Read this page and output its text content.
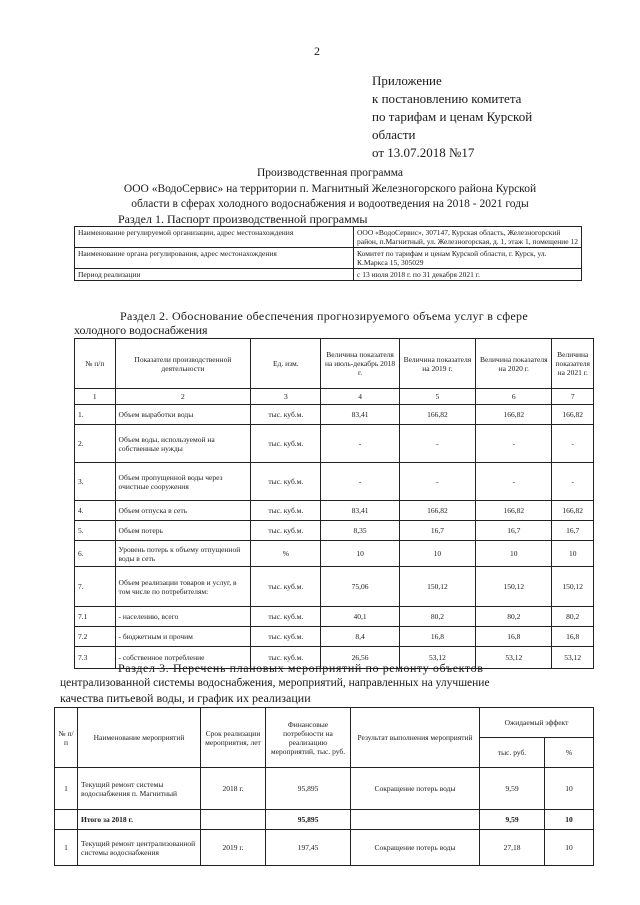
2
Приложение
к постановлению комитета
по тарифам и ценам Курской
области
от 13.07.2018 №17
Производственная программа
ООО «ВодоСервис» на территории п. Магнитный Железногорского района Курской
области в сферах холодного водоснабжения и водоотведения на 2018 - 2021 годы
Раздел 1. Паспорт производственной программы
Наименование регулируемой организации, адрес местонахождения	ООО «ВодоСервис», 307147, Курская область, Железногорский район, п.Магнитный, ул. Железногорская, д. 1, этаж 1, помещение 12
Наименование органа регулирования, адрес местонахождения	Комитет по тарифам и ценам Курской области, г. Курск, ул. К.Маркса 15, 305029
Период реализации	с 13 июля 2018 г. по 31 декабря 2021 г.
Раздел 2. Обоснование обеспечения прогнозируемого объема услуг в сфере
холодного водоснабжения
№ п/п	Показатели производственной деятельности	Ед. изм.	Величина показателя на июль-декабрь 2018 г.	Величина показателя на 2019 г.	Величина показателя на 2020 г.	Величина показателя на 2021 г.
1	2	3	4	5	6	7
1.	Объем выработки воды	тыс. куб.м.	83,41	166,82	166,82	166,82
2.	Объем воды, используемой на собственные нужды	тыс. куб.м.	-	-	-	-
3.	Объем пропущенной воды через очистные сооружения	тыс. куб.м.	-	-	-	-
4.	Объем отпуска в сеть	тыс. куб.м.	83,41	166,82	166,82	166,82
5.	Объем потерь	тыс. куб.м.	8,35	16,7	16,7	16,7
6.	Уровень потерь к объему отпущенной воды в сеть	%	10	10	10	10
7.	Объем реализации товаров и услуг, в том числе по потребителям:	тыс. куб.м.	75,06	150,12	150,12	150,12
7.1	- населению, всего	тыс. куб.м.	40,1	80,2	80,2	80,2
7.2	- бюджетным и прочим	тыс. куб.м.	8,4	16,8	16,8	16,8
7.3	- собственное потребление	тыс. куб.м.	26,56	53,12	53,12	53,12
Раздел 3. Перечень плановых мероприятий по ремонту объектов
централизованной системы водоснабжения, мероприятий, направленных на улучшение
качества питьевой воды, и график их реализации
№ п/п	Наименование мероприятий	Срок реализации мероприятия, лет	Финансовые потребности на реализацию мероприятий, тыс. руб.	Результат выполнения мероприятий	Ожидаемый эффект	
					тыс. руб.	%
1	Текущий ремонт системы водоснабжения п. Магнитный	2018 г.	95,895	Сокращение потерь воды	9,59	10
	Итого за 2018 г.		95,895		9,59	10
1	Текущий ремонт централизованной системы водоснабжения	2019 г.	197,45	Сокращение потерь воды	27,18	10
